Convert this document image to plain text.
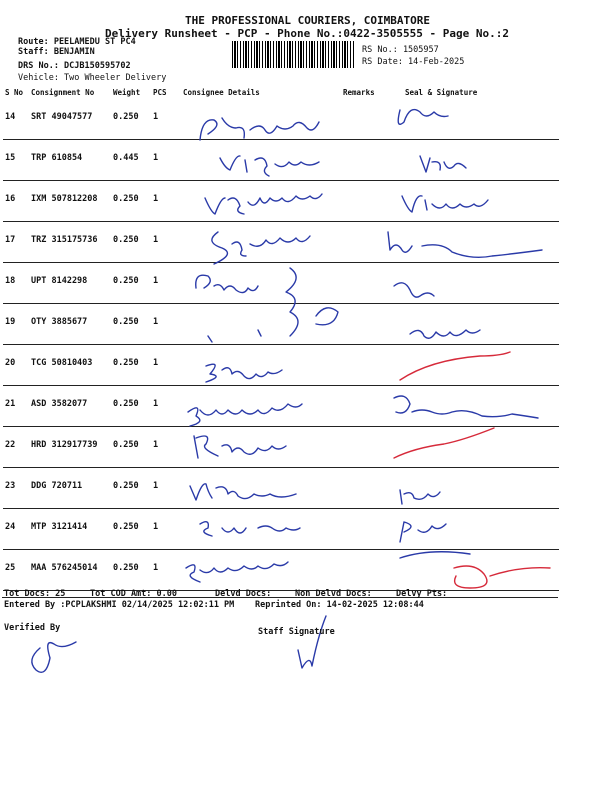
THE PROFESSIONAL COURIERS, COIMBATORE
Delivery Runsheet - PCP - Phone No.:0422-3505555 - Page No.:2
Route: PEELAMEDU ST PC4
Staff: BENJAMIN
DRS No.: DCJB150595702
Vehicle: Two Wheeler Delivery
RS No.: 1505957
RS Date: 14-Feb-2025
S No	Consignment No	Weight	PCS	Consignee Details	Remarks	Seal & Signature
14	SRT 49047577	0.250	1			
15	TRP 610854	0.445	1			
16	IXM 507812208	0.250	1			
17	TRZ 315175736	0.250	1			
18	UPT 8142298	0.250	1			
19	OTY 3885677	0.250	1			
20	TCG 50810403	0.250	1			
21	ASD 3582077	0.250	1			
22	HRD 312917739	0.250	1			
23	DDG 720711	0.250	1			
24	MTP 3121414	0.250	1			
25	MAA 576245014	0.250	1			
Tot Docs: 25	Tot COD Amt: 0.00	Delvd Docs:	Non Delvd Docs:	Delvy Pts:
Entered By :PCPLAKSHMI 02/14/2025 12:02:11 PM Reprinted On: 14-02-2025 12:08:44
Verified By	Staff Signature
